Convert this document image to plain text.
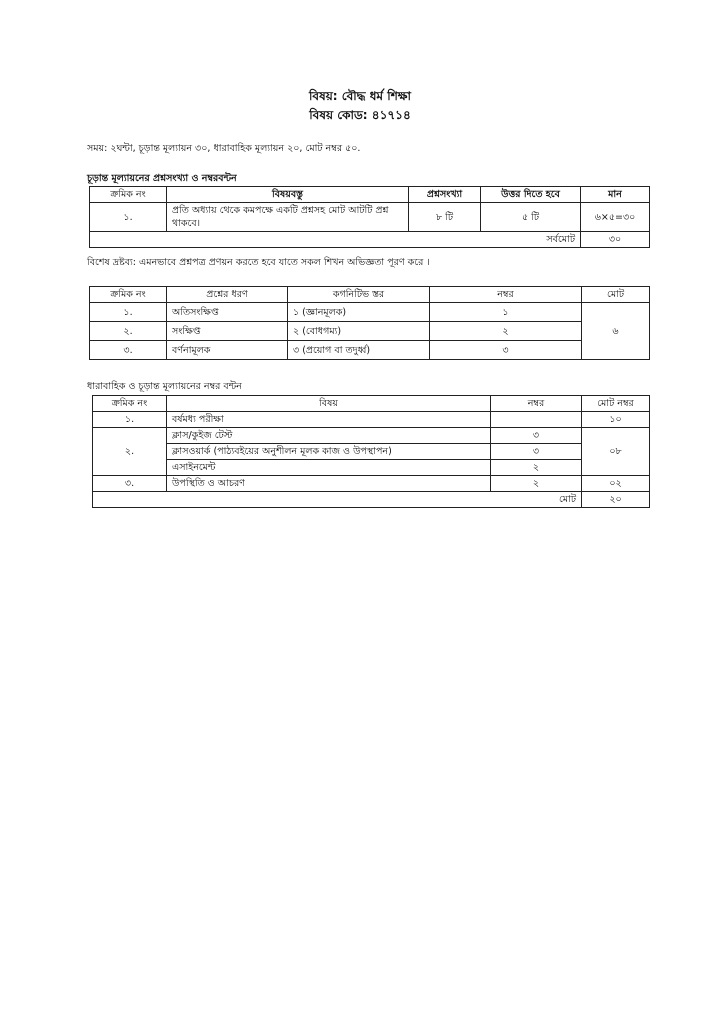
বিষয়: বৌদ্ধ ধর্ম শিক্ষা
বিষয় কোড: ৪১৭১৪
সময়: ২ঘন্টা, চূড়ান্ত মূল্যায়ন ৩০, ধারাবাহিক মূল্যায়ন ২০, মোট নম্বর ৫০.
চূড়ান্ত মূল্যায়নের প্রশ্নসংখ্যা ও নম্বরবন্টন
ক্রমিক নং	বিষয়বস্তু	প্রশ্নসংখ্যা	উত্তর দিতে হবে	মান
১.	প্রতি অধ্যায় থেকে কমপক্ষে একটি প্রশ্নসহ মোট আটটি প্রশ্ন থাকবে।	৮ টি	৫ টি	৬×৫=৩০
সর্বমোট				৩০
বিশেষ দ্রষ্টব্য: এমনভাবে প্রশ্নপত্র প্রণয়ন করতে হবে যাতে সকল শিখন অভিজ্ঞতা পূরণ করে ।
ক্রমিক নং	প্রশ্নের ধরণ	কগনিটিভ স্তর	নম্বর	মোট
১.	অতিসংক্ষিপ্ত	১ (জ্ঞানমূলক)	১	৬
২.	সংক্ষিপ্ত	২ (বোধগম্য)	২	
৩.	বর্ণনামূলক	৩ (প্রয়োগ বা তদুর্ধ্ব)	৩	
ধারাবাহিক ও চূড়ান্ত মূল্যায়নের নম্বর বন্টন
ক্রমিক নং	বিষয়	নম্বর	মোট নম্বর
১.	বর্ষমধ্য পরীক্ষা		১০
২.	ক্লাস/কুইজ টেস্ট	৩	০৮
	ক্লাসওয়ার্ক (পাঠ্যবইয়ের অনুশীলন মূলক কাজ ও উপস্থাপন)	৩	
	এসাইনমেন্ট	২	
৩.	উপস্থিতি ও আচরণ	২	০২
মোট			২০
